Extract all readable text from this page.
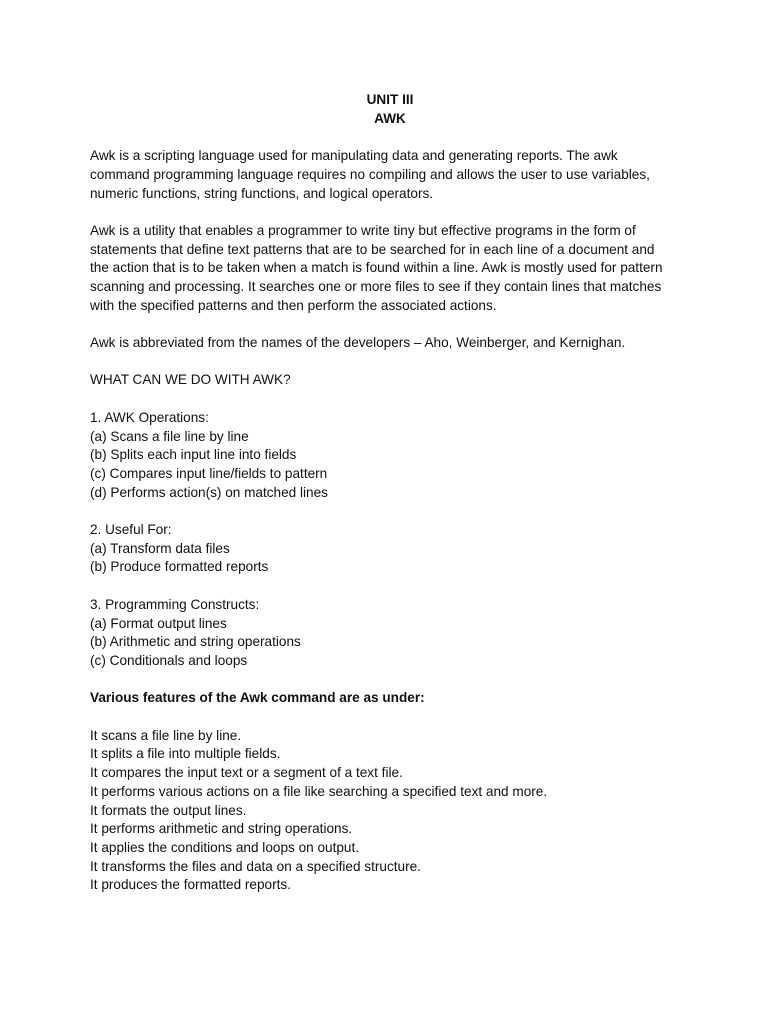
UNIT III

AWK

Awk is a scripting language used for manipulating data and generating reports. The awk
command programming language requires no compiling and allows the user to use variables,
numeric functions, string functions, and logical operators.

Awk is a utility that enables a programmer to write tiny but effective programs in the form of
statements that define text patterns that are to be searched for in each line of a document and
the action that is to be taken when a match is found within a line. Awk is mostly used for pattern
scanning and processing. It searches one or more files to see if they contain lines that matches
with the specified patterns and then perform the associated actions.

Awk is abbreviated from the names of the developers – Aho, Weinberger, and Kernighan.

WHAT CAN WE DO WITH AWK?

1. AWK Operations:
(a) Scans a file line by line
(b) Splits each input line into fields
(c) Compares input line/fields to pattern
(d) Performs action(s) on matched lines
2. Useful For:
(a) Transform data files
(b) Produce formatted reports
3. Programming Constructs:
(a) Format output lines
(b) Arithmetic and string operations
(c) Conditionals and loops

Various features of the Awk command are as under:

It scans a file line by line.
It splits a file into multiple fields.
It compares the input text or a segment of a text file.
It performs various actions on a file like searching a specified text and more.
It formats the output lines.
It performs arithmetic and string operations.
It applies the conditions and loops on output.
It transforms the files and data on a specified structure.
It produces the formatted reports.
